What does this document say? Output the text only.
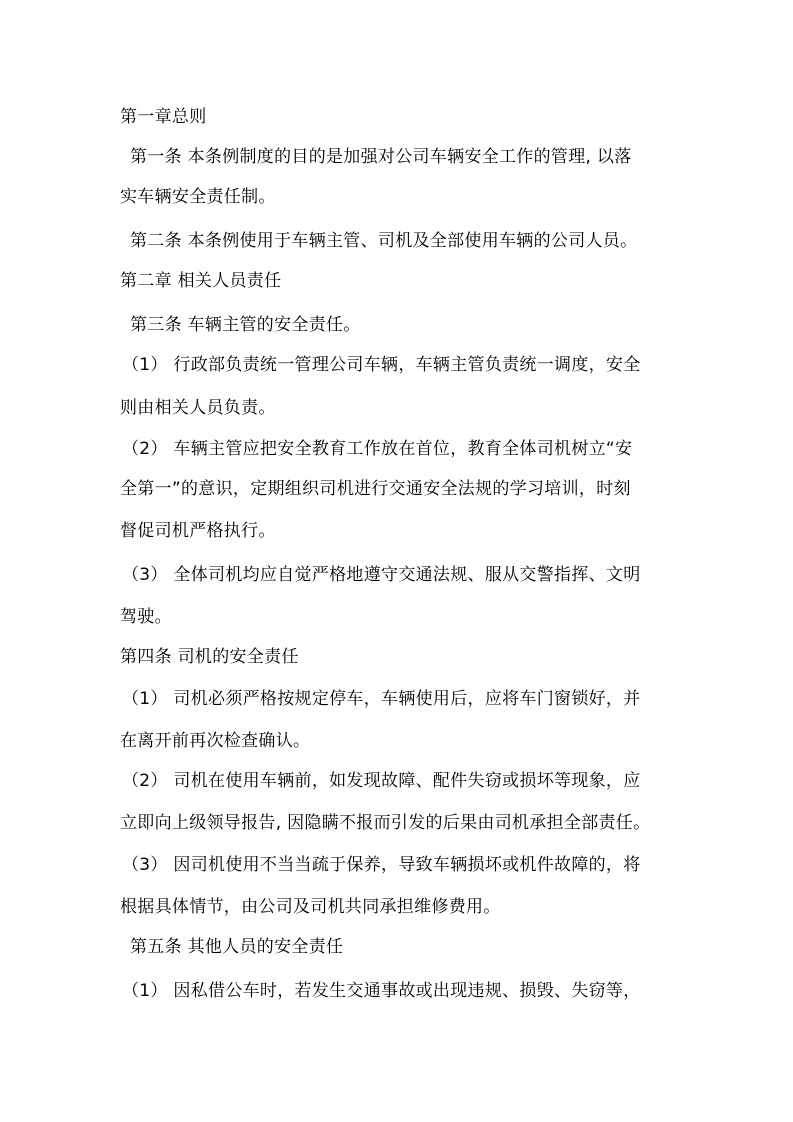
第一章总则
第一条 本条例制度的目的是加强对公司车辆安全工作的管理, 以落
实车辆安全责任制。
第二条 本条例使用于车辆主管、司机及全部使用车辆的公司人员。
第二章 相关人员责任
第三条 车辆主管的安全责任。
（1） 行政部负责统一管理公司车辆，车辆主管负责统一调度，安全
则由相关人员负责。
（2） 车辆主管应把安全教育工作放在首位，教育全体司机树立“安
全第一”的意识，定期组织司机进行交通安全法规的学习培训，时刻
督促司机严格执行。
（3） 全体司机均应自觉严格地遵守交通法规、服从交警指挥、文明
驾驶。
第四条 司机的安全责任
（1） 司机必须严格按规定停车，车辆使用后，应将车门窗锁好，并
在离开前再次检查确认。
（2） 司机在使用车辆前，如发现故障、配件失窃或损坏等现象，应
立即向上级领导报告, 因隐瞒不报而引发的后果由司机承担全部责任。
（3） 因司机使用不当当疏于保养，导致车辆损坏或机件故障的，将
根据具体情节，由公司及司机共同承担维修费用。
第五条 其他人员的安全责任
（1） 因私借公车时，若发生交通事故或出现违规、损毁、失窃等，
